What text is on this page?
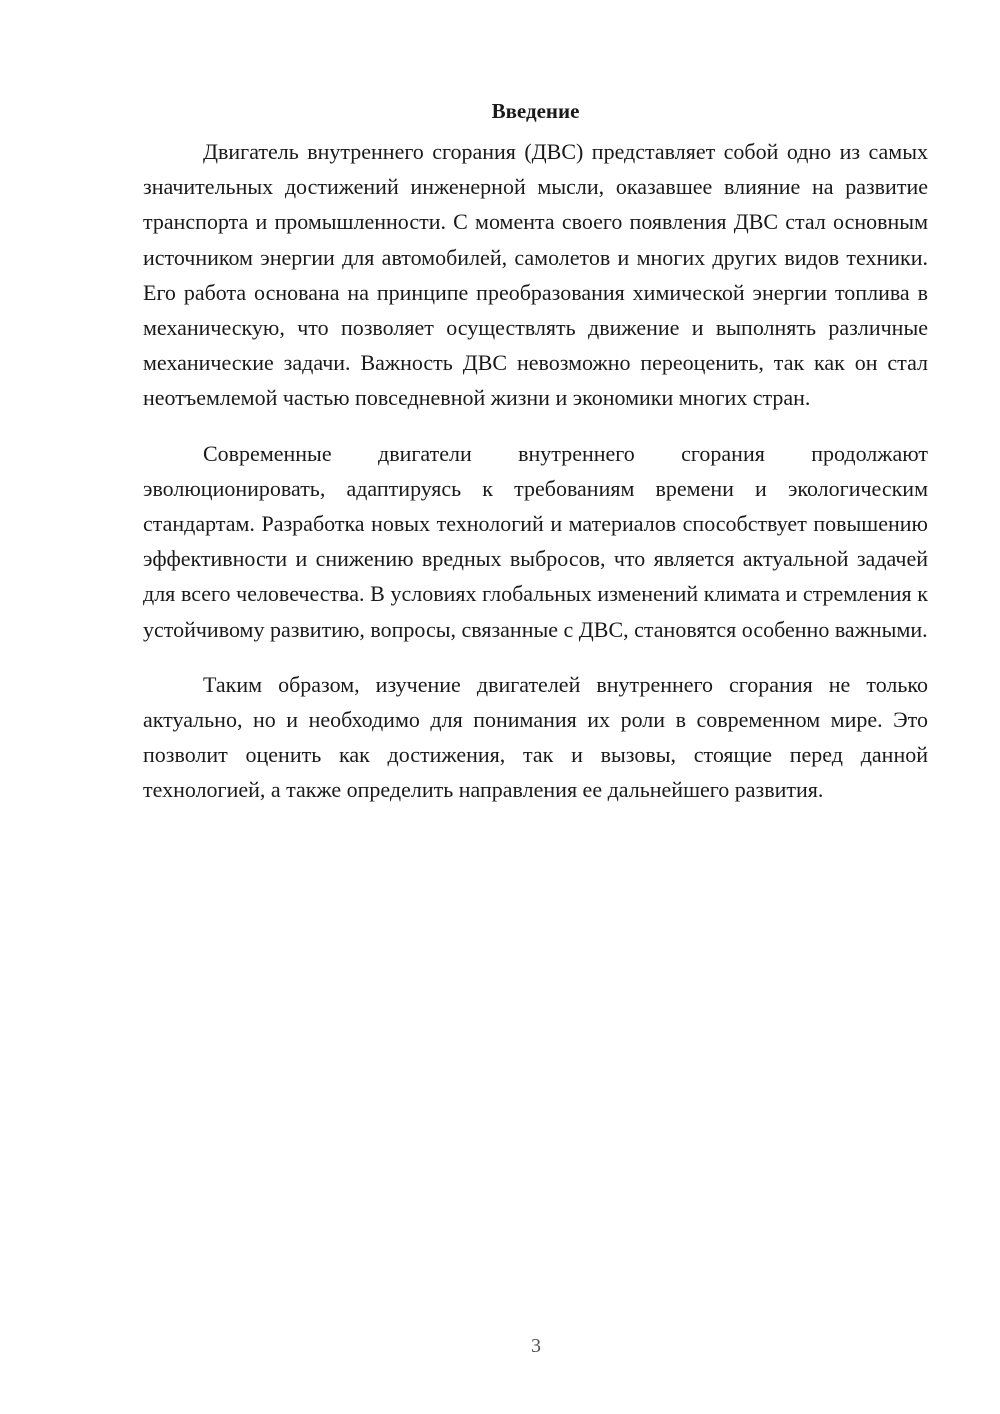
Введение

Двигатель внутреннего сгорания (ДВС) представляет собой одно из самых значительных достижений инженерной мысли, оказавшее влияние на развитие транспорта и промышленности. С момента своего появления ДВС стал основным источником энергии для автомобилей, самолетов и многих других видов техники. Его работа основана на принципе преобразования химической энергии топлива в механическую, что позволяет осуществлять движение и выполнять различные механические задачи. Важность ДВС невозможно переоценить, так как он стал неотъемлемой частью повседневной жизни и экономики многих стран.

Современные двигатели внутреннего сгорания продолжают эволюционировать, адаптируясь к требованиям времени и экологическим стандартам. Разработка новых технологий и материалов способствует повышению эффективности и снижению вредных выбросов, что является актуальной задачей для всего человечества. В условиях глобальных изменений климата и стремления к устойчивому развитию, вопросы, связанные с ДВС, становятся особенно важными.

Таким образом, изучение двигателей внутреннего сгорания не только актуально, но и необходимо для понимания их роли в современном мире. Это позволит оценить как достижения, так и вызовы, стоящие перед данной технологией, а также определить направления ее дальнейшего развития.

3
